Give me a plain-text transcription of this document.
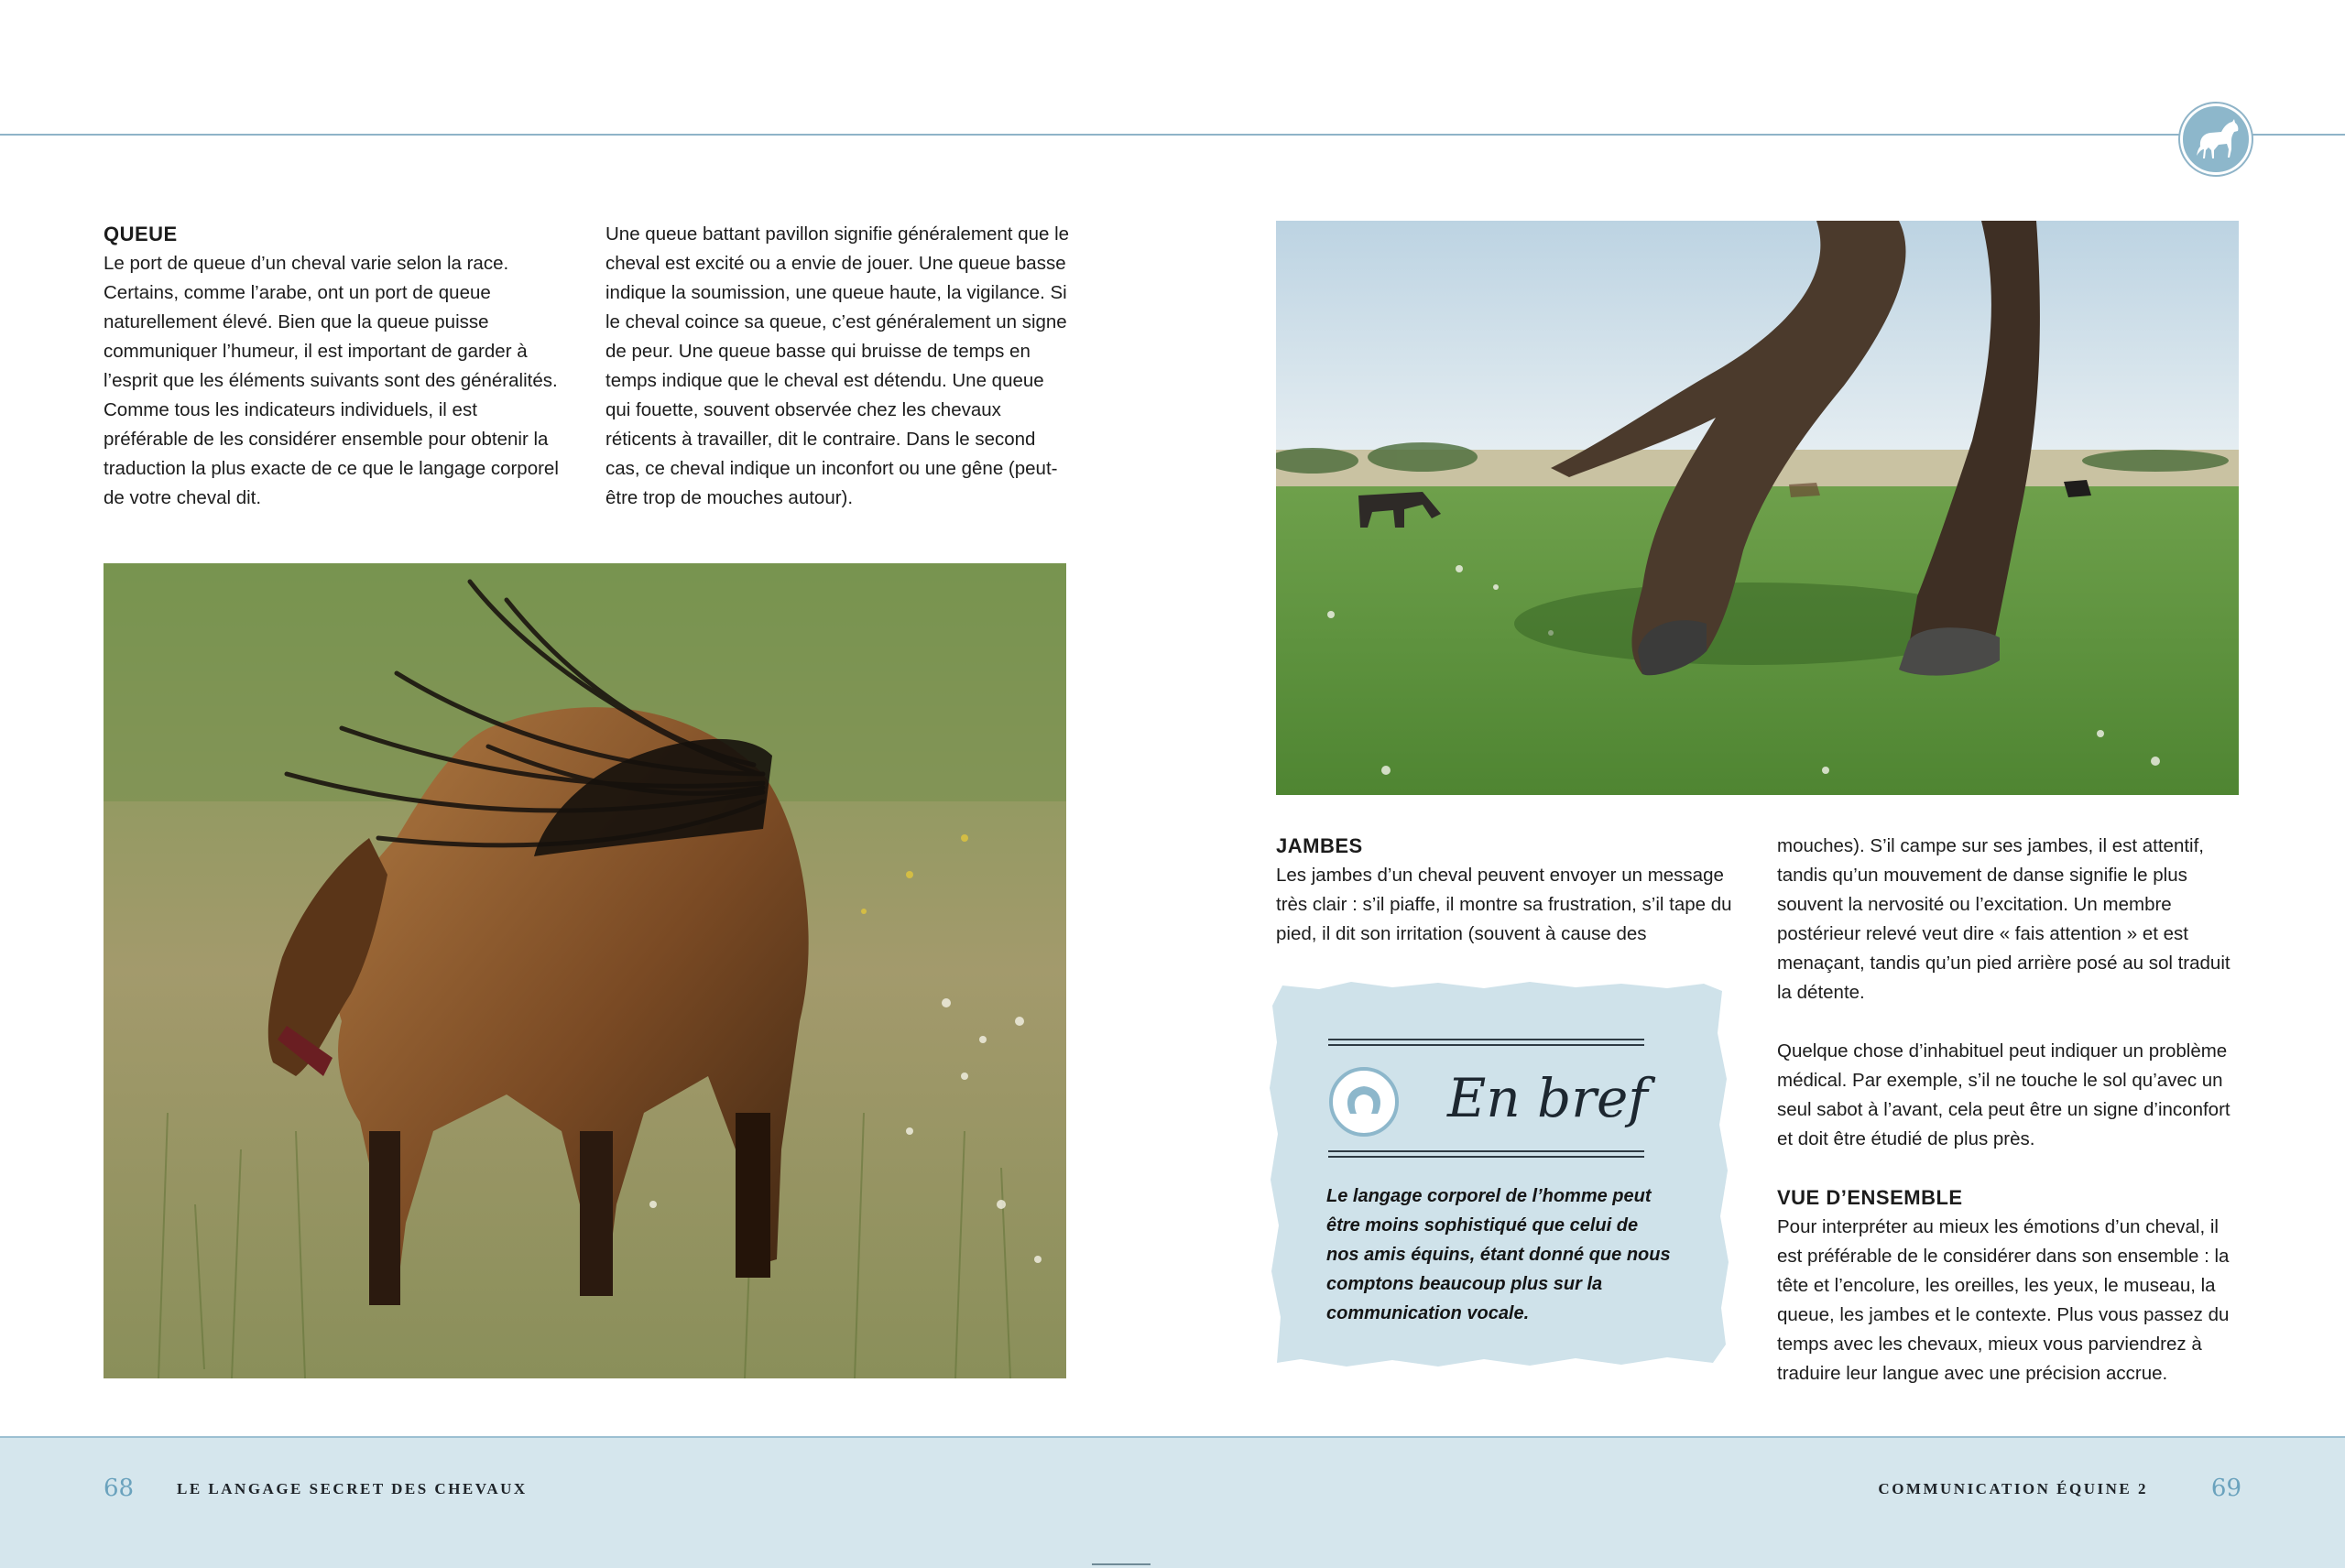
QUEUE

Le port de queue d’un cheval varie selon la race. Certains, comme l’arabe, ont un port de queue naturellement élevé. Bien que la queue puisse communiquer l’humeur, il est important de garder à l’esprit que les éléments suivants sont des généralités. Comme tous les indicateurs individuels, il est préférable de les considérer ensemble pour obtenir la traduction la plus exacte de ce que le langage corporel de votre cheval dit.

Une queue battant pavillon signifie généralement que le cheval est excité ou a envie de jouer. Une queue basse indique la soumission, une queue haute, la vigilance. Si le cheval coince sa queue, c’est généralement un signe de peur. Une queue basse qui bruisse de temps en temps indique que le cheval est détendu. Une queue qui fouette, souvent observée chez les chevaux réticents à travailler, dit le contraire. Dans le second cas, ce cheval indique un inconfort ou une gêne (peut-être trop de mouches autour).

JAMBES

Les jambes d’un cheval peuvent envoyer un message très clair : s’il piaffe, il montre sa frustration, s’il tape du pied, il dit son irritation (souvent à cause des

mouches). S’il campe sur ses jambes, il est attentif, tandis qu’un mouvement de danse signifie le plus souvent la nervosité ou l’excitation. Un membre postérieur relevé veut dire « fais attention » et est menaçant, tandis qu’un pied arrière posé au sol traduit la détente.

Quelque chose d’inhabituel peut indiquer un problème médical. Par exemple, s’il ne touche le sol qu’avec un seul sabot à l’avant, cela peut être un signe d’inconfort et doit être étudié de plus près.

VUE D’ENSEMBLE

Pour interpréter au mieux les émotions d’un cheval, il est préférable de le considérer dans son ensemble : la tête et l’encolure, les oreilles, les yeux, le museau, la queue, les jambes et le contexte. Plus vous passez du temps avec les chevaux, mieux vous parviendrez à traduire leur langue avec une précision accrue.

En bref
Le langage corporel de l’homme peut être moins sophistiqué que celui de nos amis équins, étant donné que nous comptons beaucoup plus sur la communication vocale.
68	LE LANGAGE SECRET DES CHEVAUX	COMMUNICATION ÉQUINE 2	69
